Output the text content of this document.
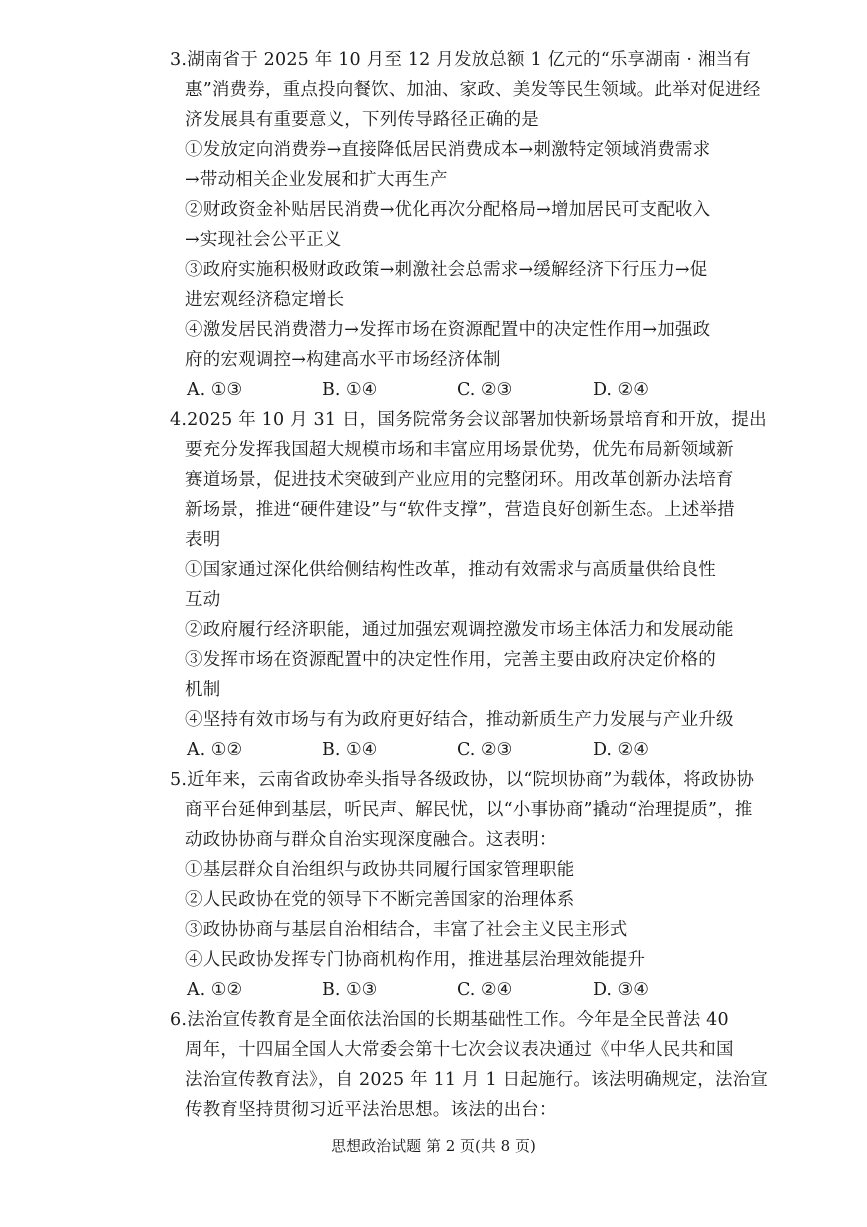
3.湖南省于 2025 年 10 月至 12 月发放总额 1 亿元的“乐享湖南 · 湘当有
惠”消费券，重点投向餐饮、加油、家政、美发等民生领域。此举对促进经
济发展具有重要意义，下列传导路径正确的是
①发放定向消费券→直接降低居民消费成本→刺激特定领域消费需求
→带动相关企业发展和扩大再生产
②财政资金补贴居民消费→优化再次分配格局→增加居民可支配收入
→实现社会公平正义
③政府实施积极财政政策→刺激社会总需求→缓解经济下行压力→促
进宏观经济稳定增长
④激发居民消费潜力→发挥市场在资源配置中的决定性作用→加强政
府的宏观调控→构建高水平市场经济体制
A. ①③	B. ①④	C. ②③	D. ②④
4.2025 年 10 月 31 日，国务院常务会议部署加快新场景培育和开放，提出
要充分发挥我国超大规模市场和丰富应用场景优势，优先布局新领域新
赛道场景，促进技术突破到产业应用的完整闭环。用改革创新办法培育
新场景，推进“硬件建设”与“软件支撑”，营造良好创新生态。上述举措
表明
①国家通过深化供给侧结构性改革，推动有效需求与高质量供给良性
互动
②政府履行经济职能，通过加强宏观调控激发市场主体活力和发展动能
③发挥市场在资源配置中的决定性作用，完善主要由政府决定价格的
机制
④坚持有效市场与有为政府更好结合，推动新质生产力发展与产业升级
A. ①②	B. ①④	C. ②③	D. ②④
5.近年来，云南省政协牵头指导各级政协，以“院坝协商”为载体，将政协协
商平台延伸到基层，听民声、解民忧，以“小事协商”撬动“治理提质”，推
动政协协商与群众自治实现深度融合。这表明：
①基层群众自治组织与政协共同履行国家管理职能
②人民政协在党的领导下不断完善国家的治理体系
③政协协商与基层自治相结合，丰富了社会主义民主形式
④人民政协发挥专门协商机构作用，推进基层治理效能提升
A. ①②	B. ①③	C. ②④	D. ③④
6.法治宣传教育是全面依法治国的长期基础性工作。今年是全民普法 40
周年，十四届全国人大常委会第十七次会议表决通过《中华人民共和国
法治宣传教育法》，自 2025 年 11 月 1 日起施行。该法明确规定，法治宣
传教育坚持贯彻习近平法治思想。该法的出台：
思想政治试题 第 2 页(共 8 页)
